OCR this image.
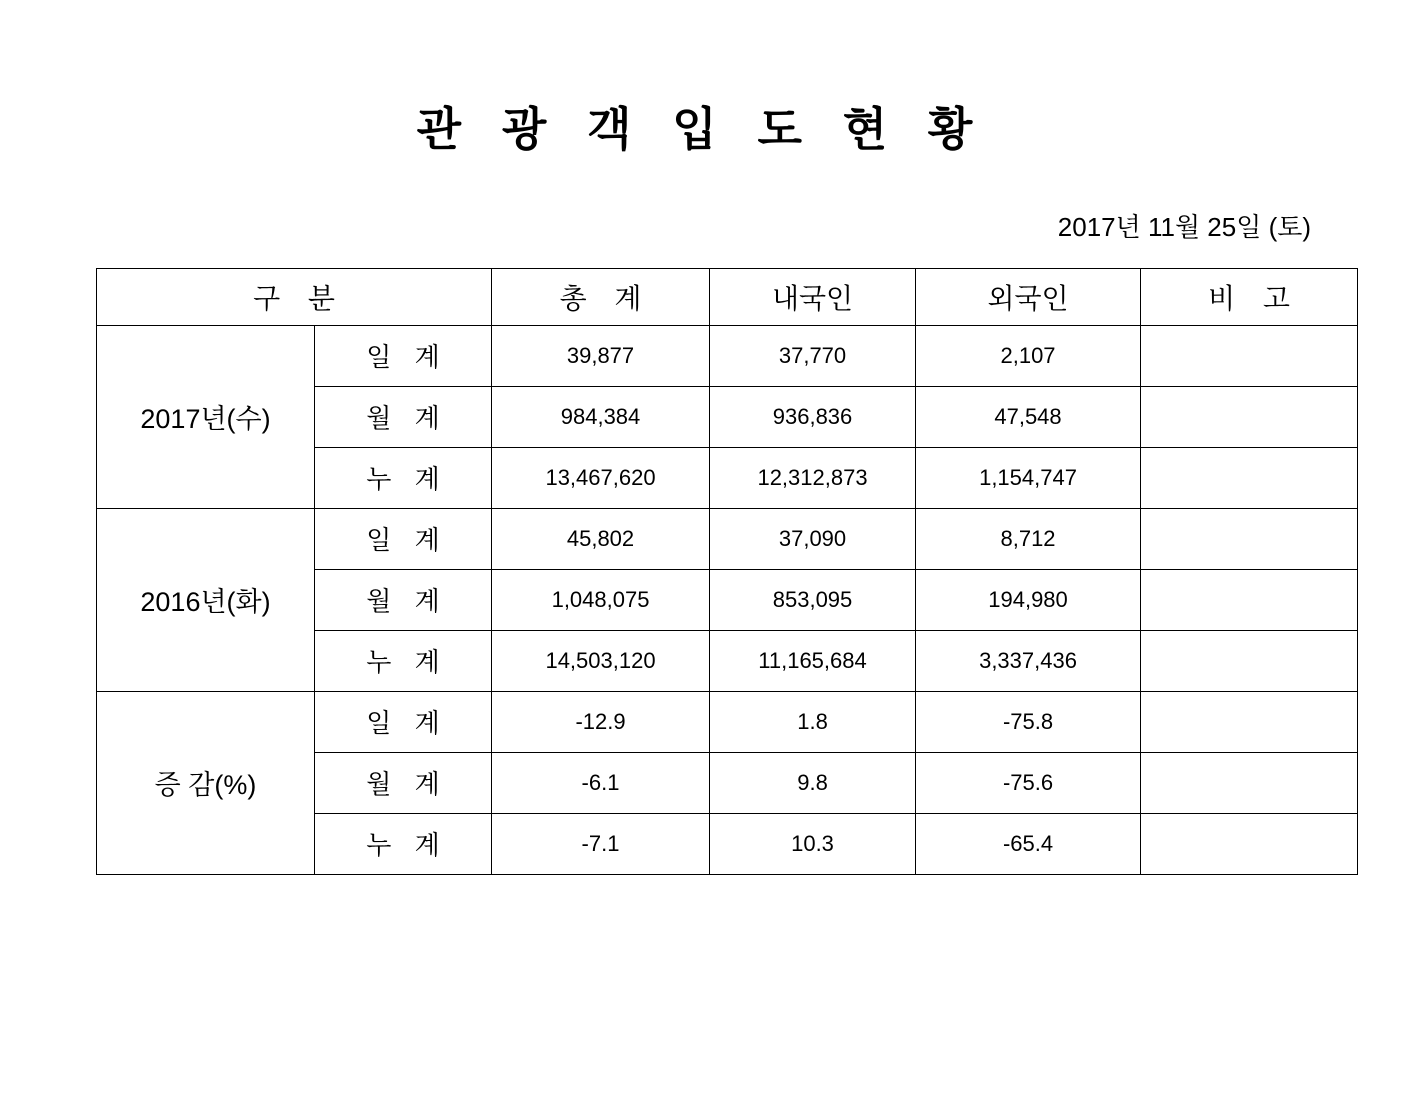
관 광 객 입 도 현 황
2017년 11월 25일 (토)
구 분		총 계	내국인	외국인	비 고
2017년(수)	일 계	39,877	37,770	2,107	
	월 계	984,384	936,836	47,548	
	누 계	13,467,620	12,312,873	1,154,747	
2016년(화)	일 계	45,802	37,090	8,712	
	월 계	1,048,075	853,095	194,980	
	누 계	14,503,120	11,165,684	3,337,436	
증 감(%)	일 계	-12.9	1.8	-75.8	
	월 계	-6.1	9.8	-75.6	
	누 계	-7.1	10.3	-65.4	
